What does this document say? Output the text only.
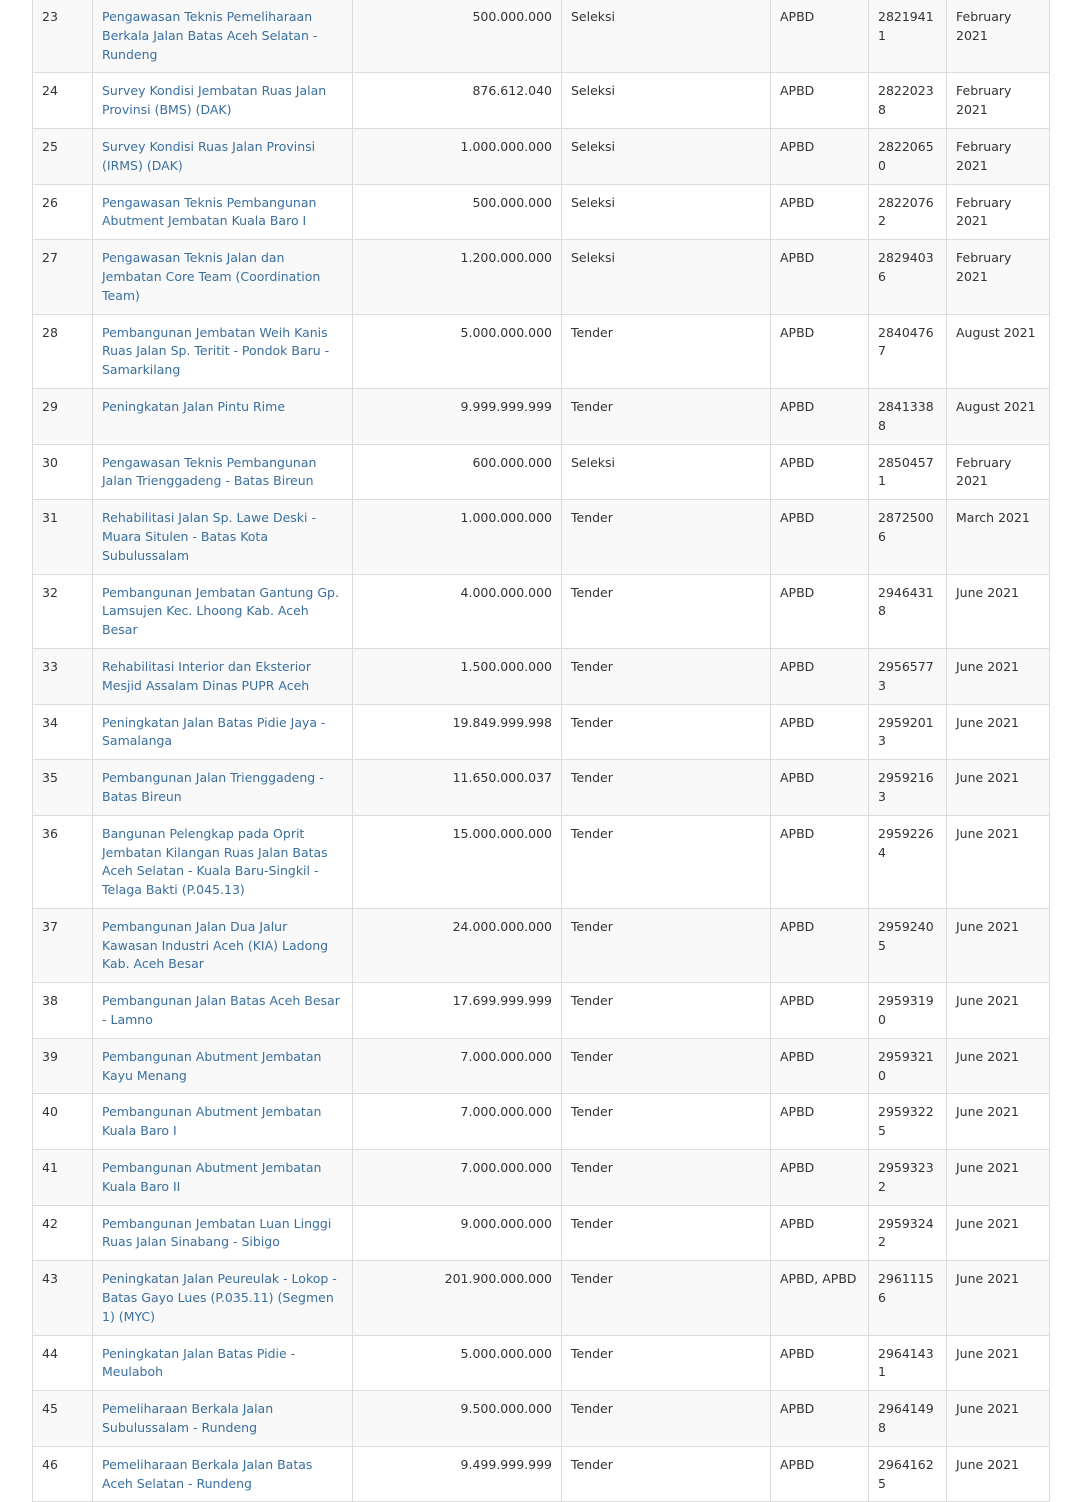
23	Pengawasan Teknis Pemeliharaan Berkala Jalan Batas Aceh Selatan - Rundeng	500.000.000	Seleksi	APBD	28219411	February 2021
24	Survey Kondisi Jembatan Ruas Jalan Provinsi (BMS) (DAK)	876.612.040	Seleksi	APBD	28220238	February 2021
25	Survey Kondisi Ruas Jalan Provinsi (IRMS) (DAK)	1.000.000.000	Seleksi	APBD	28220650	February 2021
26	Pengawasan Teknis Pembangunan Abutment Jembatan Kuala Baro I	500.000.000	Seleksi	APBD	28220762	February 2021
27	Pengawasan Teknis Jalan dan Jembatan Core Team (Coordination Team)	1.200.000.000	Seleksi	APBD	28294036	February 2021
28	Pembangunan Jembatan Weih Kanis Ruas Jalan Sp. Teritit - Pondok Baru - Samarkilang	5.000.000.000	Tender	APBD	28404767	August 2021
29	Peningkatan Jalan Pintu Rime	9.999.999.999	Tender	APBD	28413388	August 2021
30	Pengawasan Teknis Pembangunan Jalan Trienggadeng - Batas Bireun	600.000.000	Seleksi	APBD	28504571	February 2021
31	Rehabilitasi Jalan Sp. Lawe Deski - Muara Situlen - Batas Kota Subulussalam	1.000.000.000	Tender	APBD	28725006	March 2021
32	Pembangunan Jembatan Gantung Gp. Lamsujen Kec. Lhoong Kab. Aceh Besar	4.000.000.000	Tender	APBD	29464318	June 2021
33	Rehabilitasi Interior dan Eksterior Mesjid Assalam Dinas PUPR Aceh	1.500.000.000	Tender	APBD	29565773	June 2021
34	Peningkatan Jalan Batas Pidie Jaya - Samalanga	19.849.999.998	Tender	APBD	29592013	June 2021
35	Pembangunan Jalan Trienggadeng - Batas Bireun	11.650.000.037	Tender	APBD	29592163	June 2021
36	Bangunan Pelengkap pada Oprit Jembatan Kilangan Ruas Jalan Batas Aceh Selatan - Kuala Baru-Singkil - Telaga Bakti (P.045.13)	15.000.000.000	Tender	APBD	29592264	June 2021
37	Pembangunan Jalan Dua Jalur Kawasan Industri Aceh (KIA) Ladong Kab. Aceh Besar	24.000.000.000	Tender	APBD	29592405	June 2021
38	Pembangunan Jalan Batas Aceh Besar - Lamno	17.699.999.999	Tender	APBD	29593190	June 2021
39	Pembangunan Abutment Jembatan Kayu Menang	7.000.000.000	Tender	APBD	29593210	June 2021
40	Pembangunan Abutment Jembatan Kuala Baro I	7.000.000.000	Tender	APBD	29593225	June 2021
41	Pembangunan Abutment Jembatan Kuala Baro II	7.000.000.000	Tender	APBD	29593232	June 2021
42	Pembangunan Jembatan Luan Linggi Ruas Jalan Sinabang - Sibigo	9.000.000.000	Tender	APBD	29593242	June 2021
43	Peningkatan Jalan Peureulak - Lokop - Batas Gayo Lues (P.035.11) (Segmen 1) (MYC)	201.900.000.000	Tender	APBD, APBD	29611156	June 2021
44	Peningkatan Jalan Batas Pidie - Meulaboh	5.000.000.000	Tender	APBD	29641431	June 2021
45	Pemeliharaan Berkala Jalan Subulussalam - Rundeng	9.500.000.000	Tender	APBD	29641498	June 2021
46	Pemeliharaan Berkala Jalan Batas Aceh Selatan - Rundeng	9.499.999.999	Tender	APBD	29641625	June 2021
